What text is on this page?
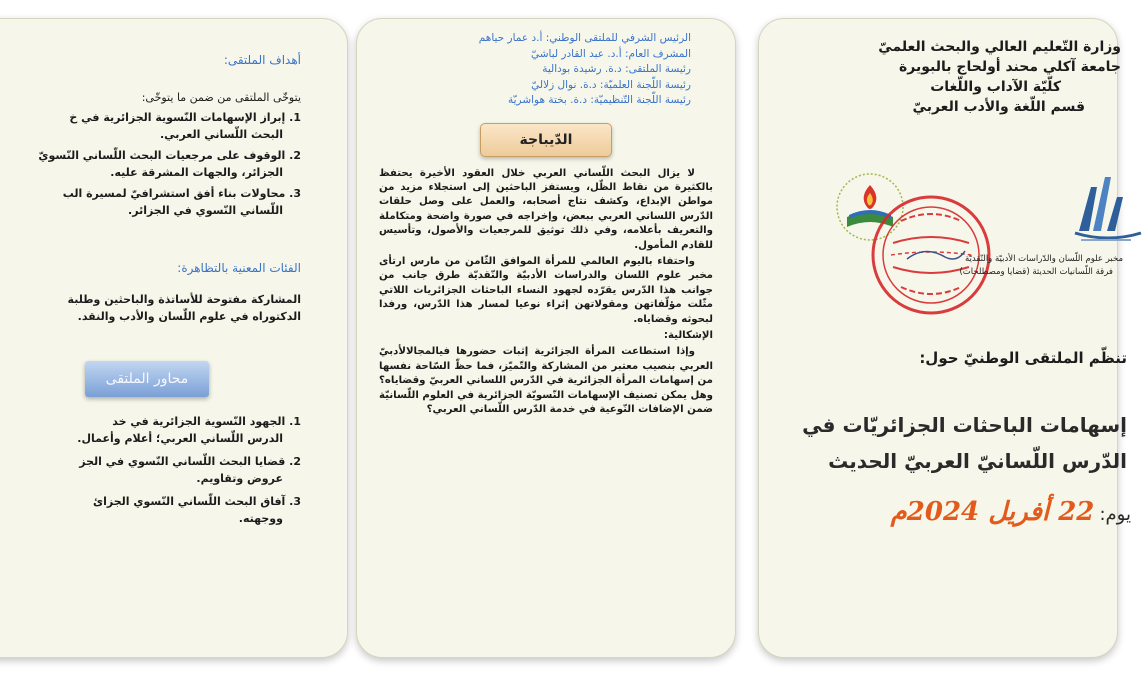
أهداف الملتقى:

يتوخّى الملتقى من ضمن ما يتوخّى:

1. إبراز الإسهامات النّسوية الجزائرية في خ

البحث اللّساني العربي.

2. الوقوف على مرجعيات البحث اللّساني النّسويّ

الجزائر، والجهات المشرقة عليه.

3. محاولات بناء أفق استشرافيّ لمسيرة الب

اللّساني النّسوي في الجزائر.

الفئات المعنية بالتظاهرة:

المشاركة مفتوحة للأساتذة والباحثين وطلبة

الدكتوراه في علوم اللّسان والأدب والنقد.

1. الجهود النّسوية الجزائرية في خد

الدرس اللّساني العربي؛ أعلام وأعمال.

2. قضايا البحث اللّساني النّسوي في الجز

عروض وتقاويم.

3. آفاق البحث اللّساني النّسوي الجزائ

ووجهته.

محاور الملتقى
الرئيس الشرفي للملتقى الوطني: أ.د عمار حياهم
المشرف العام: أ.د. عبد القادر لباشيّ
رئيسة الملتقى: د.ة. رشيدة بودالية
رئيسة اللّجنة العلميّة: د.ة. نوال زلاليّ
رئيسة اللّجنة التّنظيميّة: د.ة. بختة هواشريّة
الدّيباجة

لا يزال البحث اللّساني العربي خلال العقود الأخيرة يحتفظ بالكثيرة من نقاط الظّل، ويستفز الباحثين إلى استجلاء مزيد من مواطن الإبداع، وكشف نتاج أصحابه، والعمل على وصل حلقات الدّرس اللساني العربي ببعض، وإخراجه في صورة واضحة ومتكاملة والتعريف بأعلامه، وفي ذلك توثيق للمرجعيات والأصول، وتأسيس للقادم المأمول.

واحتفاء باليوم العالمي للمرأة الموافق الثّامن من مارس ارتأى مخبر علوم اللسان والدراسات الأدبيّة والنّقديّة طرق جانب من جوانب هذا الدّرس يقرّده لجهود النساء الباحثات الجزائريات اللاتي مثّلت مؤلّفاتهن ومقولاتهن إثراء نوعيا لمسار هذا الدّرس، ورفدا لبحوثه وقضاياه.

الإشكالية:

وإذا استطاعت المرأة الجزائرية إثبات حضورها فيالمجالالأدبيّ العربي بنصيب معتبر من المشاركة والتّميّز، فما حظّ السّاحة نفسها من إسهامات المرأة الجزائرية في الدّرس اللساني العربيّ وقضاياه؟ وهل يمكن تصنيف الإسهامات النّسويّة الجزائرية في العلوم اللّسانيّة ضمن الإضافات النّوعية في خدمة الدّرس اللّساني العربي؟

وزارة التّعليم العالي والبحث العلميّ
جامعة آكلي محند أولحاج بالبويرة
كلّيّة الآداب واللّغات
قسم اللّغة والأدب العربيّ
مخبر علوم اللّسان والدّراسات الأدبيّة والنّقديّة
فرقة اللّسانيات الحديثة (قضايا ومصطلحات)
تنظّم الملتقى الوطنيّ حول:
إسهامات الباحثات الجزائريّات في
الدّرس اللّسانيّ العربيّ الحديث
يوم: 22 أفريل 2024م
